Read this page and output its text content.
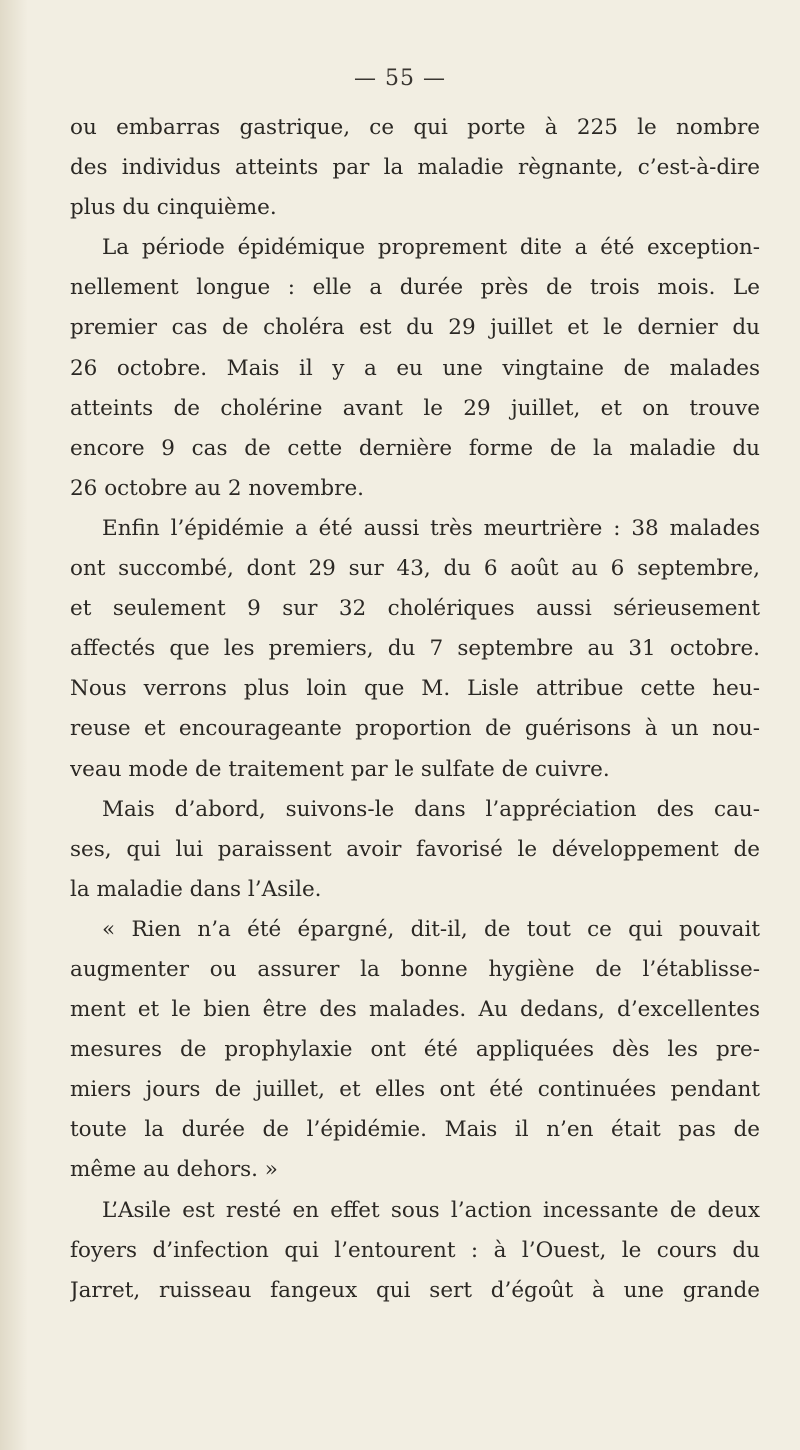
— 55 —
ou embarras gastrique, ce qui porte à 225 le nombre
des individus atteints par la maladie règnante, c’est-à-dire
plus du cinquième.
La période épidémique proprement dite a été exception-
nellement longue : elle a durée près de trois mois. Le
premier cas de choléra est du 29 juillet et le dernier du
26 octobre. Mais il y a eu une vingtaine de malades
atteints de cholérine avant le 29 juillet, et on trouve
encore 9 cas de cette dernière forme de la maladie du
26 octobre au 2 novembre.
Enfin l’épidémie a été aussi très meurtrière : 38 malades
ont succombé, dont 29 sur 43, du 6 août au 6 septembre,
et seulement 9 sur 32 cholériques aussi sérieusement
affectés que les premiers, du 7 septembre au 31 octobre.
Nous verrons plus loin que M. Lisle attribue cette heu-
reuse et encourageante proportion de guérisons à un nou-
veau mode de traitement par le sulfate de cuivre.
Mais d’abord, suivons-le dans l’appréciation des cau-
ses, qui lui paraissent avoir favorisé le développement de
la maladie dans l’Asile.
« Rien n’a été épargné, dit-il, de tout ce qui pouvait
augmenter ou assurer la bonne hygiène de l’établisse-
ment et le bien être des malades. Au dedans, d’excellentes
mesures de prophylaxie ont été appliquées dès les pre-
miers jours de juillet, et elles ont été continuées pendant
toute la durée de l’épidémie. Mais il n’en était pas de
même au dehors. »
L’Asile est resté en effet sous l’action incessante de deux
foyers d’infection qui l’entourent : à l’Ouest, le cours du
Jarret, ruisseau fangeux qui sert d’égoût à une grande
